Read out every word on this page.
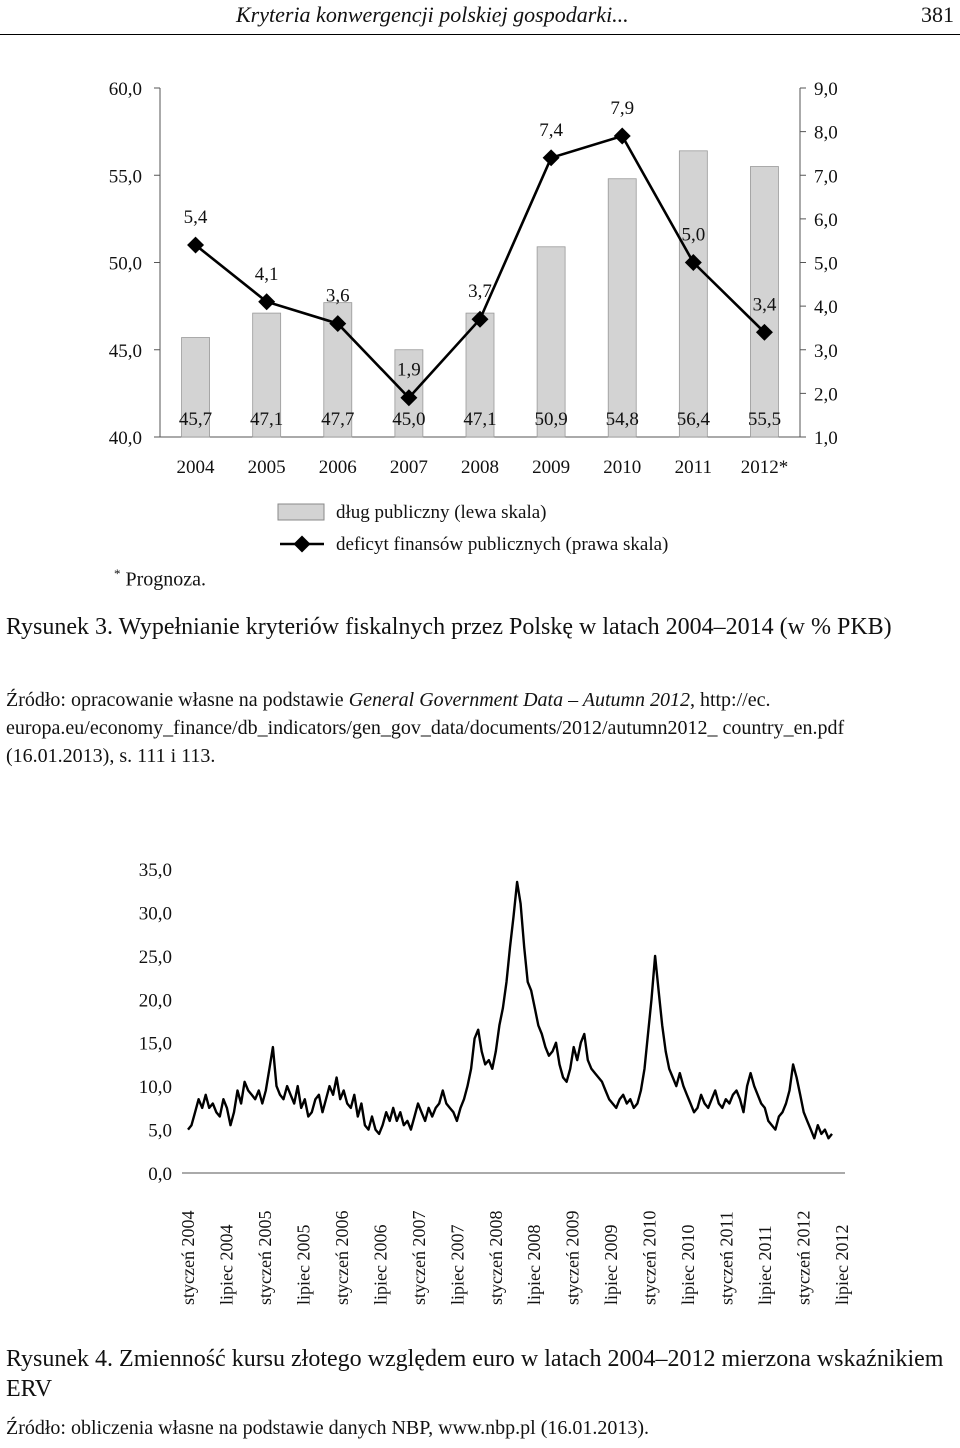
Kryteria konwergencji polskiej gospodarki...	381
40,0
45,0
50,0
55,0
60,0
1,0
2,0
3,0
4,0
5,0
6,0
7,0
8,0
9,0
45,7 47,1 47,7 45,0 47,1 50,9 54,8 56,4 55,5
5,4
4,1
3,6
1,9
3,7
7,4
7,9
5,0
3,4
2004 2005 2006 2007 2008 2009 2010 2011 2012*
dług publiczny (lewa skala)
deficyt finansów publicznych (prawa skala)
* Prognoza.
Rysunek 3. Wypełnianie kryteriów fiskalnych przez Polskę w latach 2004–2014 (w % PKB)
Źródło: opracowanie własne na podstawie General Government Data – Autumn 2012, http://ec. europa.eu/economy_finance/db_indicators/gen_gov_data/documents/2012/autumn2012_ country_en.pdf (16.01.2013), s. 111 i 113.
0,0
5,0
10,0
15,0
20,0
25,0
30,0
35,0
styczeń 2004 lipiec 2004 styczeń 2005 lipiec 2005 styczeń 2006 lipiec 2006 styczeń 2007 lipiec 2007 styczeń 2008 lipiec 2008 styczeń 2009 lipiec 2009 styczeń 2010 lipiec 2010 styczeń 2011 lipiec 2011 styczeń 2012 lipiec 2012
Rysunek 4. Zmienność kursu złotego względem euro w latach 2004–2012 mierzona wskaźnikiem ERV
Źródło: obliczenia własne na podstawie danych NBP, www.nbp.pl (16.01.2013).
